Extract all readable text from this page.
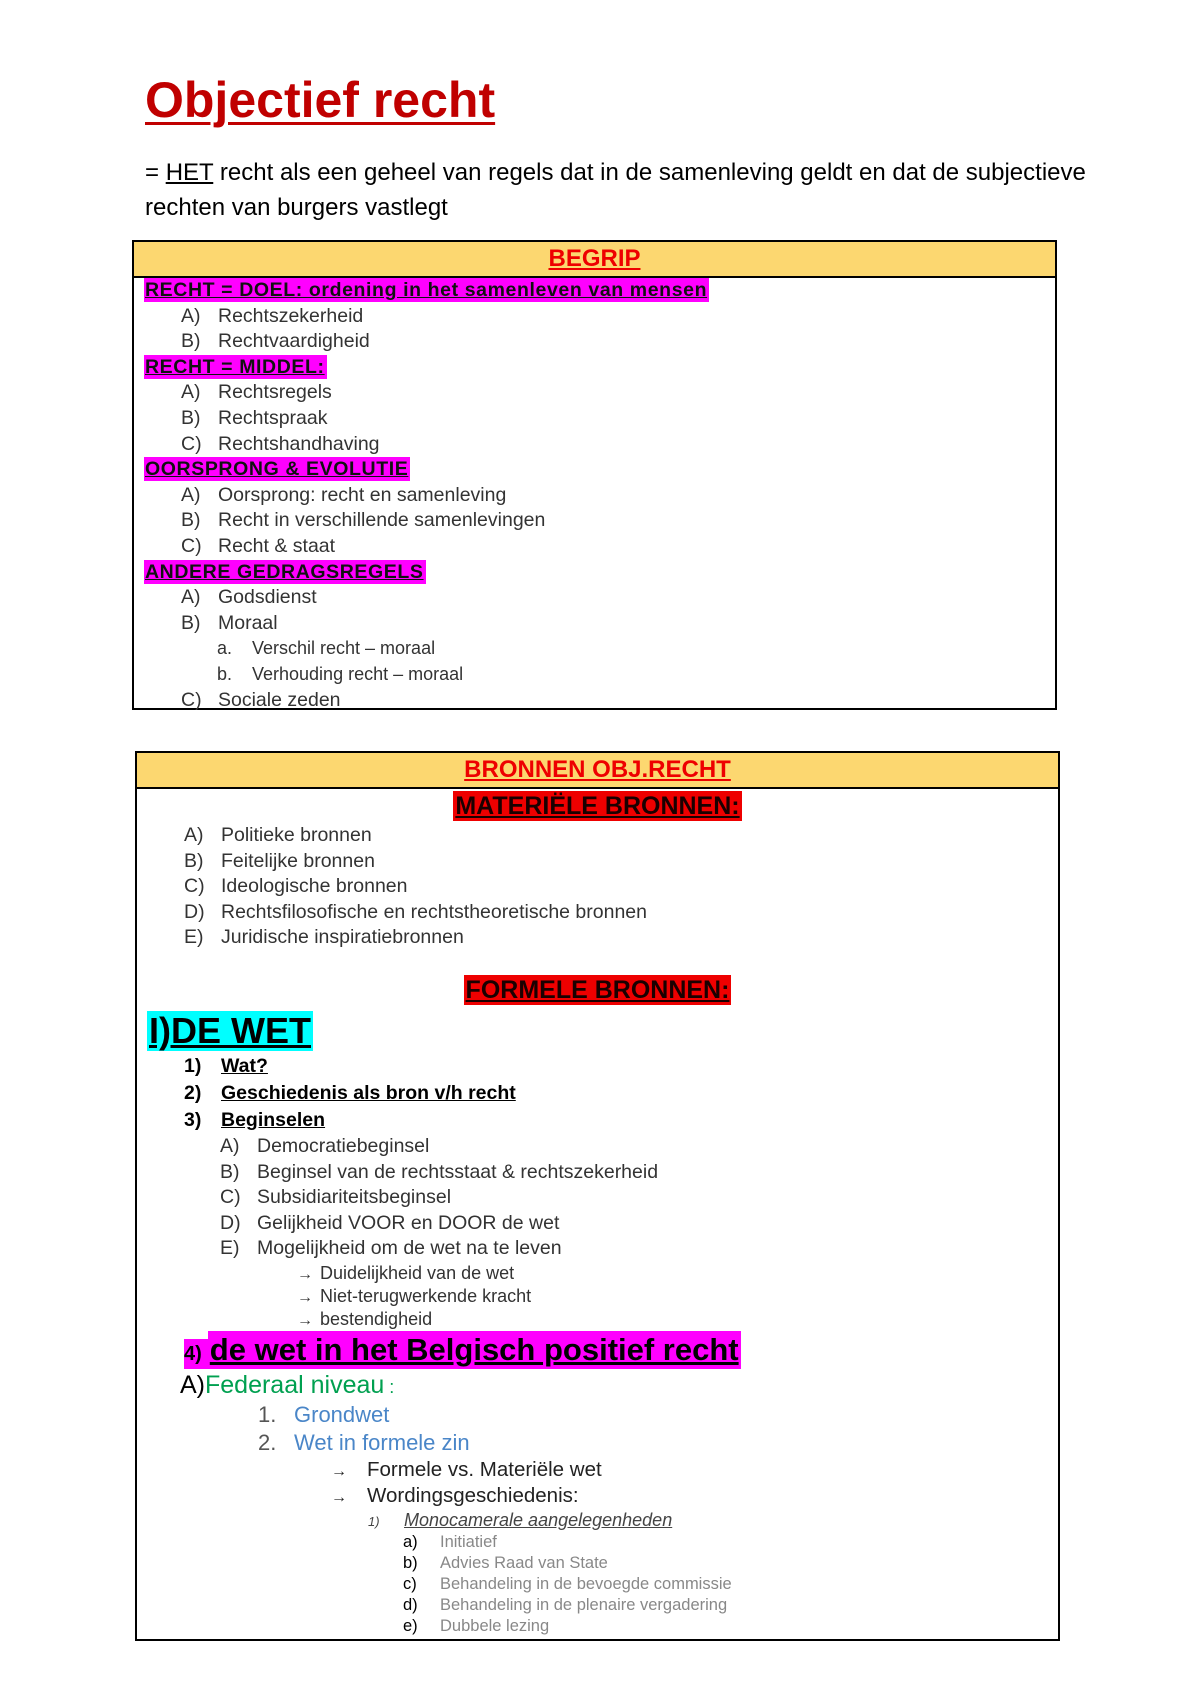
Objectief recht
= HET recht als een geheel van regels dat in de samenleving geldt en dat de subjectieve rechten van burgers vastlegt
BEGRIP
RECHT = DOEL: ordening in het samenleven van mensen
A) Rechtszekerheid
B) Rechtvaardigheid
RECHT = MIDDEL:
A) Rechtsregels
B) Rechtspraak
C) Rechtshandhaving
OORSPRONG & EVOLUTIE
A) Oorsprong: recht en samenleving
B) Recht in verschillende samenlevingen
C) Recht & staat
ANDERE GEDRAGSREGELS
A) Godsdienst
B) Moraal
a. Verschil recht – moraal
b. Verhouding recht – moraal
C) Sociale zeden
BRONNEN OBJ.RECHT
MATERIËLE BRONNEN:
A) Politieke bronnen
B) Feitelijke bronnen
C) Ideologische bronnen
D) Rechtsfilosofische en rechtstheoretische bronnen
E) Juridische inspiratiebronnen
FORMELE BRONNEN:
I)DE WET
1) Wat?
2) Geschiedenis als bron v/h recht
3) Beginselen
A) Democratiebeginsel
B) Beginsel van de rechtsstaat & rechtszekerheid
C) Subsidiariteitsbeginsel
D) Gelijkheid VOOR en DOOR de wet
E) Mogelijkheid om de wet na te leven
→ Duidelijkheid van de wet
→ Niet-terugwerkende kracht
→ bestendigheid
4) de wet in het Belgisch positief recht
A)Federaal niveau :
1. Grondwet
2. Wet in formele zin
→ Formele vs. Materiële wet
→ Wordingsgeschiedenis:
1) Monocamerale aangelegenheden
a) Initiatief
b) Advies Raad van State
c) Behandeling in de bevoegde commissie
d) Behandeling in de plenaire vergadering
e) Dubbele lezing
